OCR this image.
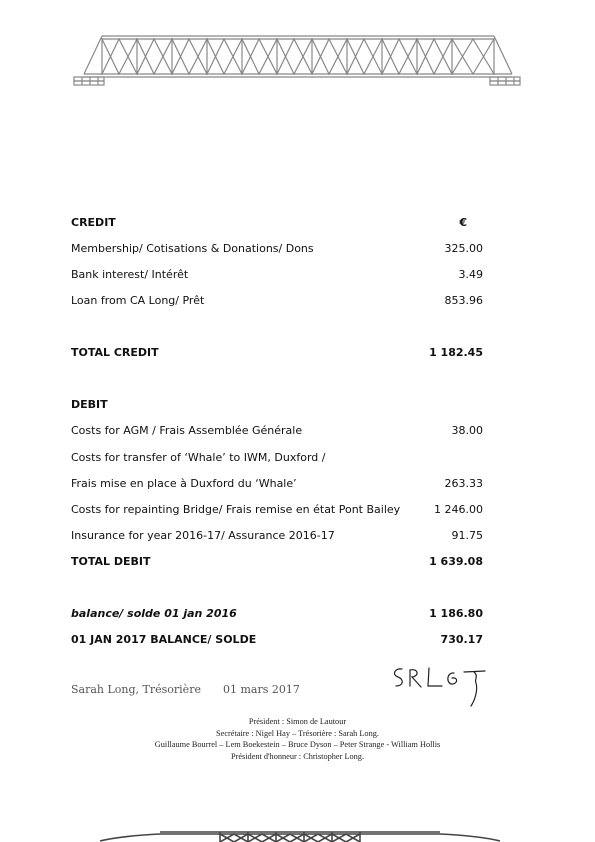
CREDIT	€
Membership/ Cotisations & Donations/ Dons	325.00
Bank interest/ Intérêt	3.49
Loan from CA Long/ Prêt	853.96
TOTAL CREDIT	1 182.45
DEBIT
Costs for AGM / Frais Assemblée Générale	38.00
Costs for transfer of ‘Whale’ to IWM, Duxford /
Frais mise en place à Duxford du ‘Whale’	263.33
Costs for repainting Bridge/ Frais remise en état Pont Bailey	1 246.00
Insurance for year 2016-17/ Assurance 2016-17	91.75
TOTAL DEBIT	1 639.08
balance/ solde 01 jan 2016	1 186.80
01 JAN 2017 BALANCE/ SOLDE	730.17
Sarah Long, Trésorière 01 mars 2017
Président : Simon de Lautour
Secrétaire : Nigel Hay – Trésorière : Sarah Long.
Guillaume Bourrel – Lem Boekestein – Bruce Dyson – Peter Strange - William Hollis
Président d'honneur : Christopher Long.
